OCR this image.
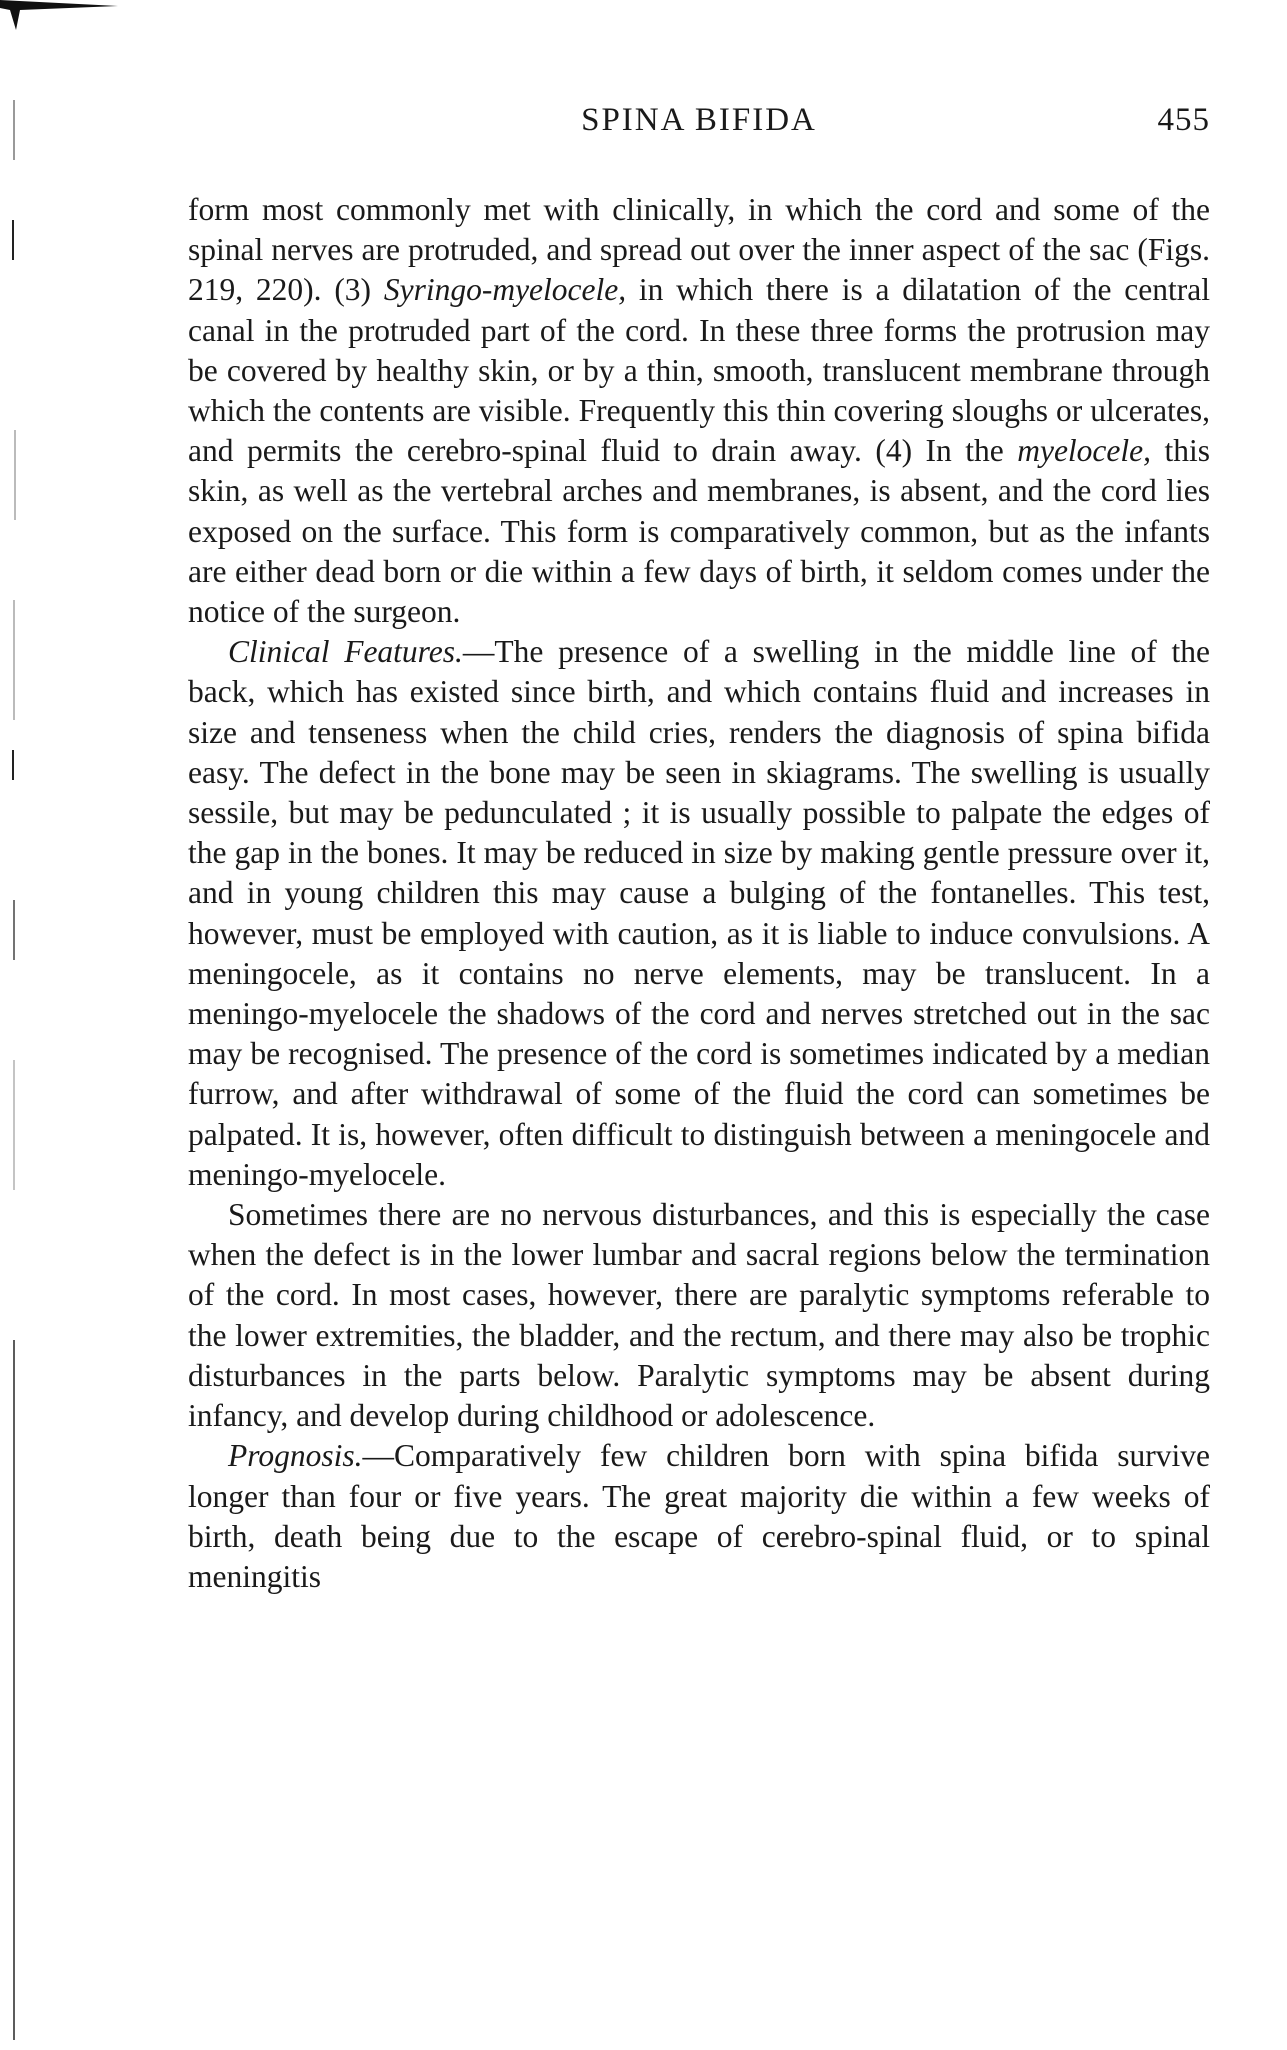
SPINA BIFIDA	455

form most commonly met with clinically, in which the cord and some of the spinal nerves are protruded, and spread out over the inner aspect of the sac (Figs. 219, 220). (3) Syringo-myelocele, in which there is a dilatation of the central canal in the protruded part of the cord. In these three forms the protrusion may be covered by healthy skin, or by a thin, smooth, translucent membrane through which the contents are visible. Frequently this thin covering sloughs or ulcerates, and permits the cerebro-spinal fluid to drain away. (4) In the myelocele, this skin, as well as the vertebral arches and membranes, is absent, and the cord lies exposed on the surface. This form is comparatively common, but as the infants are either dead born or die within a few days of birth, it seldom comes under the notice of the surgeon.

Clinical Features.—The presence of a swelling in the middle line of the back, which has existed since birth, and which contains fluid and increases in size and tenseness when the child cries, renders the diagnosis of spina bifida easy. The defect in the bone may be seen in skiagrams. The swelling is usually sessile, but may be pedunculated ; it is usually possible to palpate the edges of the gap in the bones. It may be reduced in size by making gentle pressure over it, and in young children this may cause a bulging of the fontanelles. This test, however, must be employed with caution, as it is liable to induce convulsions. A meningocele, as it contains no nerve elements, may be translucent. In a meningo-myelocele the shadows of the cord and nerves stretched out in the sac may be recognised. The presence of the cord is sometimes indicated by a median furrow, and after withdrawal of some of the fluid the cord can sometimes be palpated. It is, however, often difficult to distinguish between a meningocele and meningo-myelocele.

Sometimes there are no nervous disturbances, and this is especially the case when the defect is in the lower lumbar and sacral regions below the termination of the cord. In most cases, however, there are paralytic symptoms referable to the lower extremities, the bladder, and the rectum, and there may also be trophic disturbances in the parts below. Paralytic symptoms may be absent during infancy, and develop during childhood or adolescence.

Prognosis.—Comparatively few children born with spina bifida survive longer than four or five years. The great majority die within a few weeks of birth, death being due to the escape of cerebro-spinal fluid, or to spinal meningitis
